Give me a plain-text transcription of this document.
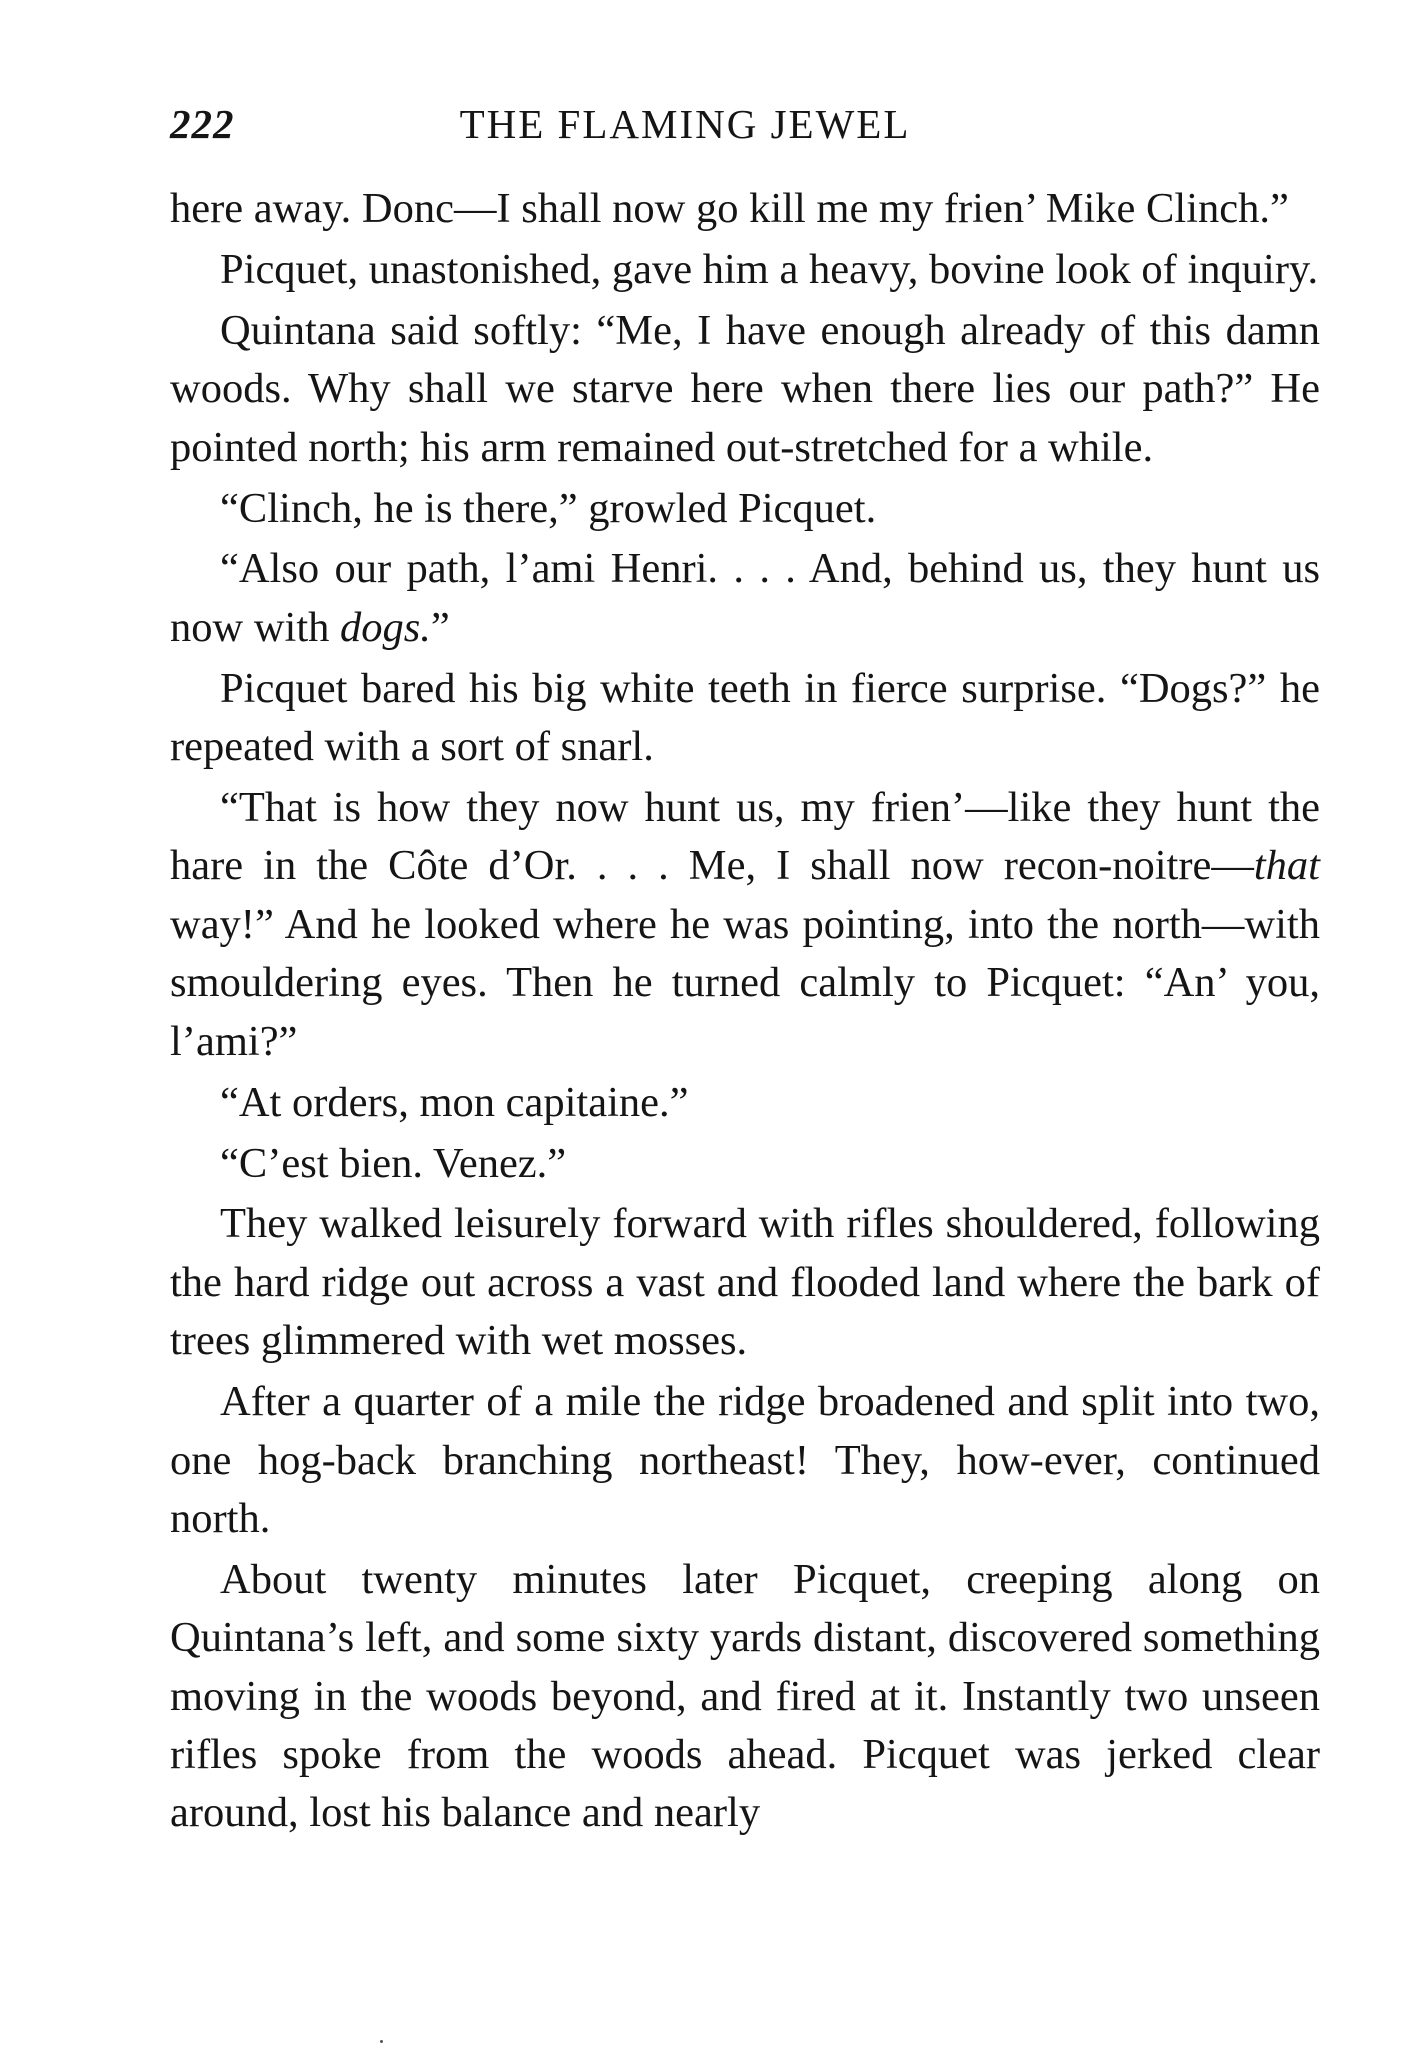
222	THE FLAMING JEWEL

here away. Donc—I shall now go kill me my frien’ Mike Clinch.”

Picquet, unastonished, gave him a heavy, bovine look of inquiry.

Quintana said softly: “Me, I have enough already of this damn woods. Why shall we starve here when there lies our path?” He pointed north; his arm remained out-stretched for a while.

“Clinch, he is there,” growled Picquet.

“Also our path, l’ami Henri. . . . And, behind us, they hunt us now with dogs.”

Picquet bared his big white teeth in fierce surprise. “Dogs?” he repeated with a sort of snarl.

“That is how they now hunt us, my frien’—like they hunt the hare in the Côte d’Or. . . . Me, I shall now recon-noitre—that way!” And he looked where he was pointing, into the north—with smouldering eyes. Then he turned calmly to Picquet: “An’ you, l’ami?”

“At orders, mon capitaine.”

“C’est bien. Venez.”

They walked leisurely forward with rifles shouldered, following the hard ridge out across a vast and flooded land where the bark of trees glimmered with wet mosses.

After a quarter of a mile the ridge broadened and split into two, one hog-back branching northeast! They, how-ever, continued north.

About twenty minutes later Picquet, creeping along on Quintana’s left, and some sixty yards distant, discovered something moving in the woods beyond, and fired at it. Instantly two unseen rifles spoke from the woods ahead. Picquet was jerked clear around, lost his balance and nearly
